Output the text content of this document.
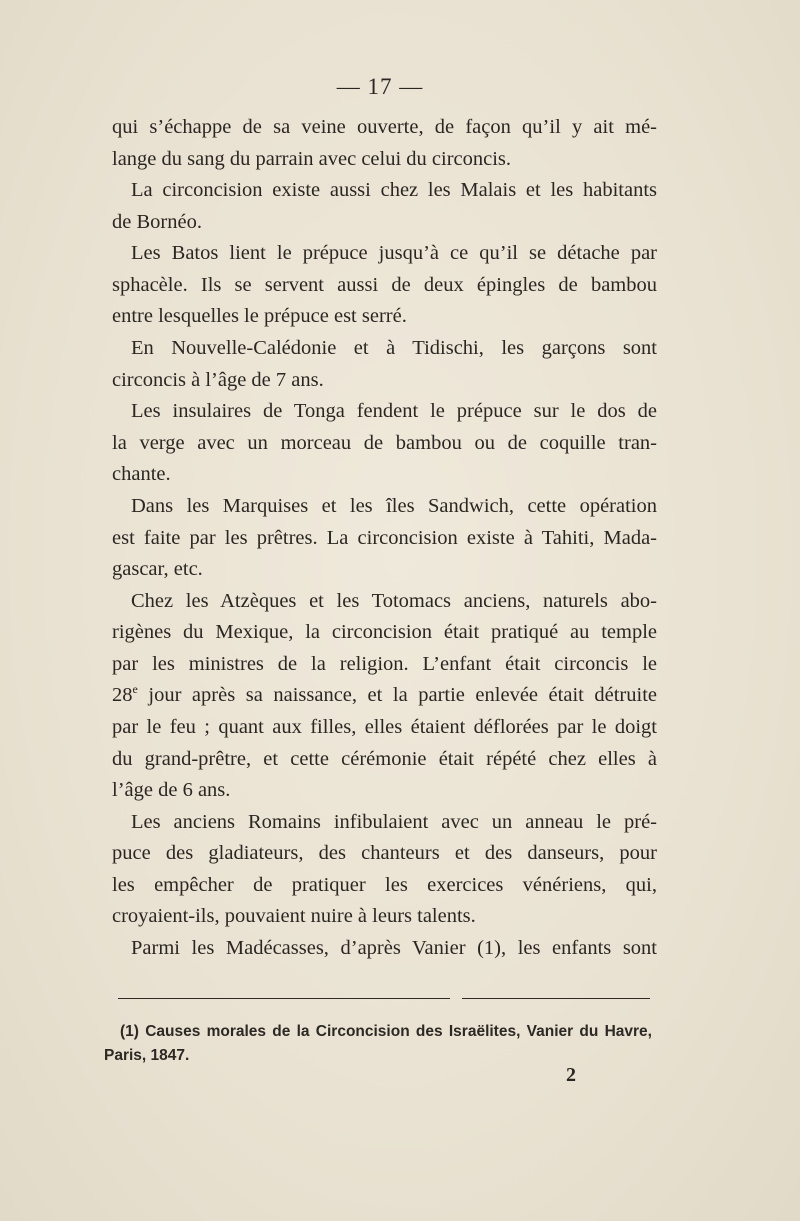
— 17 —
qui s’échappe de sa veine ouverte, de façon qu’il y ait mé-
lange du sang du parrain avec celui du circoncis.
La circoncision existe aussi chez les Malais et les habitants
de Bornéo.
Les Batos lient le prépuce jusqu’à ce qu’il se détache par
sphacèle. Ils se servent aussi de deux épingles de bambou
entre lesquelles le prépuce est serré.
En Nouvelle-Calédonie et à Tidischi, les garçons sont
circoncis à l’âge de 7 ans.
Les insulaires de Tonga fendent le prépuce sur le dos de
la verge avec un morceau de bambou ou de coquille tran-
chante.
Dans les Marquises et les îles Sandwich, cette opération
est faite par les prêtres. La circoncision existe à Tahiti, Mada-
gascar, etc.
Chez les Atzèques et les Totomacs anciens, naturels abo-
rigènes du Mexique, la circoncision était pratiqué au temple
par les ministres de la religion. L’enfant était circoncis le
28e jour après sa naissance, et la partie enlevée était détruite
par le feu ; quant aux filles, elles étaient déflorées par le doigt
du grand-prêtre, et cette cérémonie était répété chez elles à
l’âge de 6 ans.
Les anciens Romains infibulaient avec un anneau le pré-
puce des gladiateurs, des chanteurs et des danseurs, pour
les empêcher de pratiquer les exercices vénériens, qui,
croyaient-ils, pouvaient nuire à leurs talents.
Parmi les Madécasses, d’après Vanier (1), les enfants sont
(1) Causes morales de la Circoncision des Israëlites, Vanier du Havre,
Paris, 1847.
2
